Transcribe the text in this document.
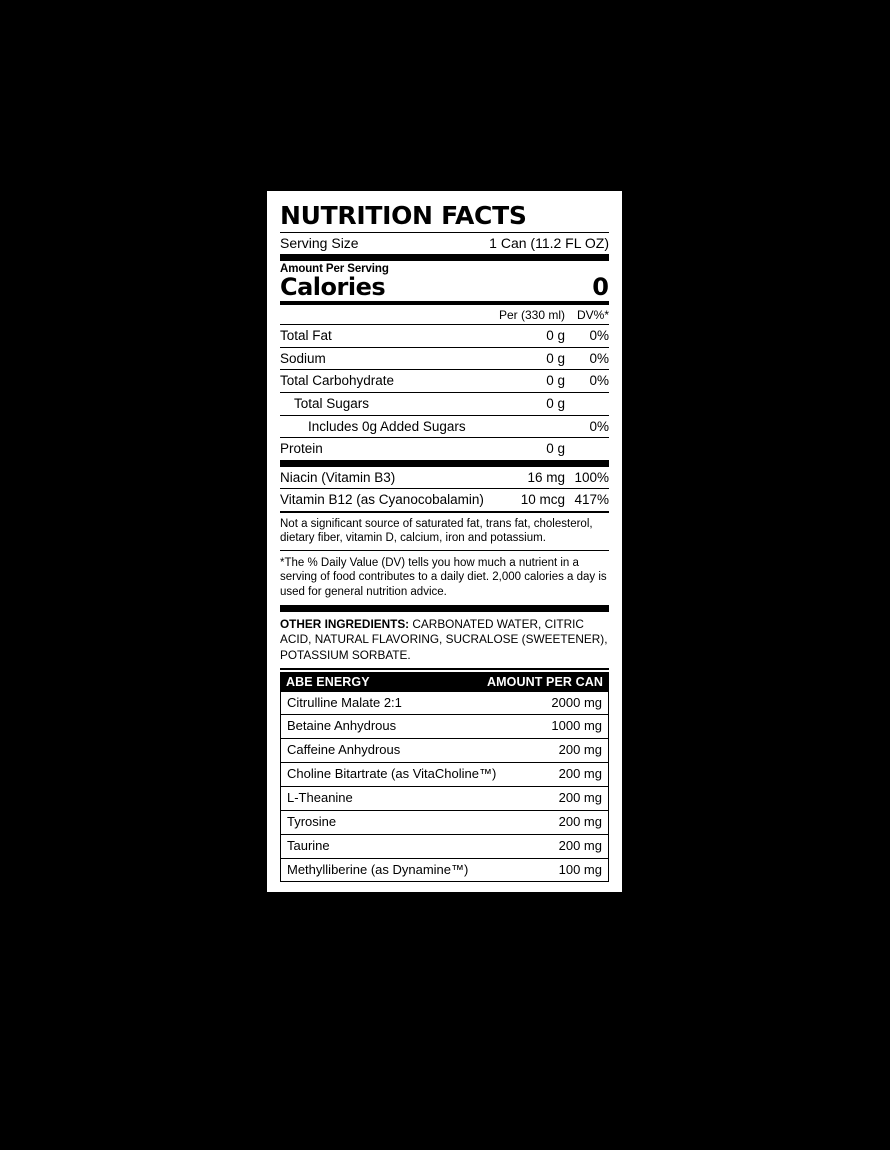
NUTRITION FACTS
Serving Size	1 Can (11.2 FL OZ)
Amount Per Serving
Calories	0
Per (330 ml) DV%*
Total Fat	0 g	0%
Sodium	0 g	0%
Total Carbohydrate	0 g	0%
Total Sugars	0 g
Includes 0g Added Sugars	0%
Protein	0 g
Niacin (Vitamin B3)	16 mg 100%
Vitamin B12 (as Cyanocobalamin)	10 mcg 417%
Not a significant source of saturated fat, trans fat, cholesterol, dietary fiber, vitamin D, calcium, iron and potassium.
*The % Daily Value (DV) tells you how much a nutrient in a serving of food contributes to a daily diet. 2,000 calories a day is used for general nutrition advice.
OTHER INGREDIENTS: CARBONATED WATER, CITRIC ACID, NATURAL FLAVORING, SUCRALOSE (SWEETENER), POTASSIUM SORBATE.
ABE ENERGY	AMOUNT PER CAN
Citrulline Malate 2:1	2000 mg
Betaine Anhydrous	1000 mg
Caffeine Anhydrous	200 mg
Choline Bitartrate (as VitaCholine™)	200 mg
L-Theanine	200 mg
Tyrosine	200 mg
Taurine	200 mg
Methylliberine (as Dynamine™)	100 mg
